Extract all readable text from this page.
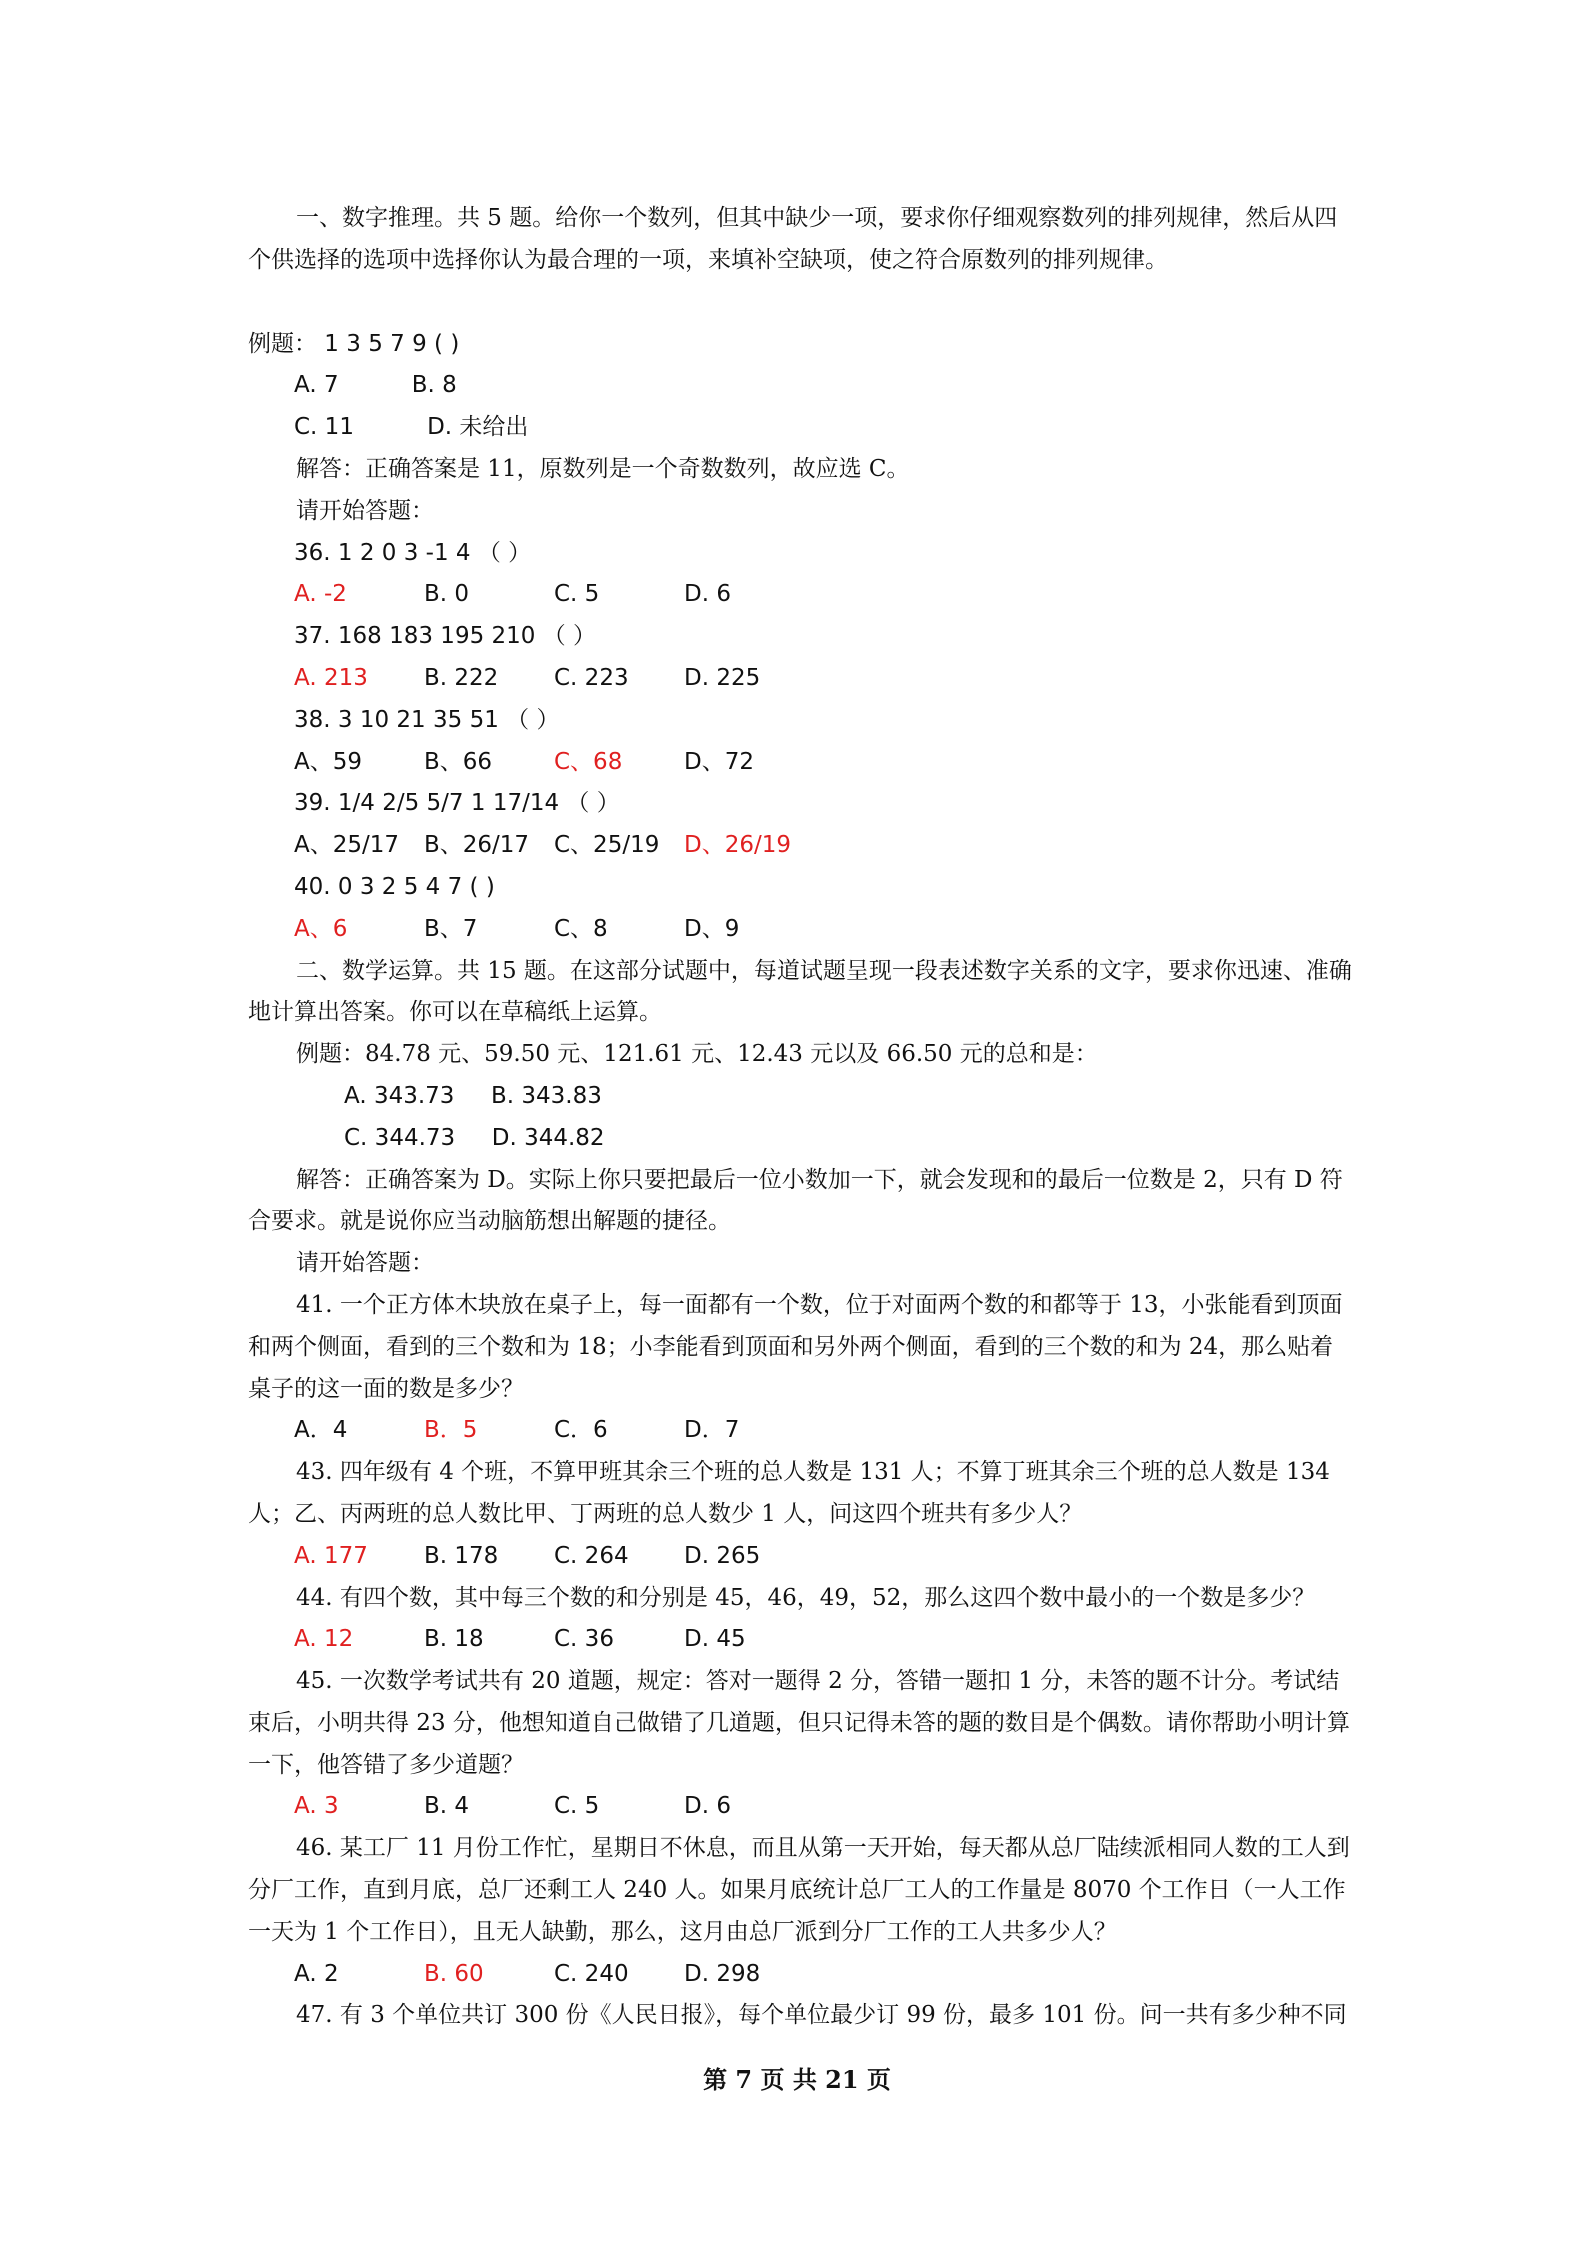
一、数字推理。共 5 题。给你一个数列，但其中缺少一项，要求你仔细观察数列的排列规律，然后从四个供选择的选项中选择你认为最合理的一项，来填补空缺项，使之符合原数列的排列规律。

例题： 1 3 5 7 9 ( )
A. 7	B. 8
C. 11	D. 未给出

解答：正确答案是 11，原数列是一个奇数数列，故应选 C。

请开始答题：

36. 1 2 0 3 -1 4 （ ）
A. -2	B. 0	C. 5	D. 6
37. 168 183 195 210 （ ）
A. 213 B. 222 C. 223 D. 225
38. 3 10 21 35 51 （ ）
A、59	B、66	C、68	D、72
39. 1/4 2/5 5/7 1 17/14 （ ）
A、25/17 B、26/17 C、25/19 D、26/19
40. 0 3 2 5 4 7 ( )
A、6	B、7	C、8	D、9

二、数学运算。共 15 题。在这部分试题中，每道试题呈现一段表述数字关系的文字，要求你迅速、准确地计算出答案。你可以在草稿纸上运算。

例题：84.78 元、59.50 元、121.61 元、12.43 元以及 66.50 元的总和是：

A. 343.73 B. 343.83
C. 344.73 D. 344.82

解答：正确答案为 D。实际上你只要把最后一位小数加一下，就会发现和的最后一位数是 2，只有 D 符合要求。就是说你应当动脑筋想出解题的捷径。

请开始答题：

41. 一个正方体木块放在桌子上，每一面都有一个数，位于对面两个数的和都等于 13，小张能看到顶面和两个侧面，看到的三个数和为 18；小李能看到顶面和另外两个侧面，看到的三个数的和为 24，那么贴着桌子的这一面的数是多少？

A．4	B．5	C．6	D．7

43. 四年级有 4 个班，不算甲班其余三个班的总人数是 131 人；不算丁班其余三个班的总人数是 134 人；乙、丙两班的总人数比甲、丁两班的总人数少 1 人，问这四个班共有多少人？

A. 177 B. 178 C. 264 D. 265

44. 有四个数，其中每三个数的和分别是 45，46，49，52，那么这四个数中最小的一个数是多少？

A. 12	B. 18	C. 36	D. 45

45. 一次数学考试共有 20 道题，规定：答对一题得 2 分，答错一题扣 1 分，未答的题不计分。考试结束后，小明共得 23 分，他想知道自己做错了几道题，但只记得未答的题的数目是个偶数。请你帮助小明计算一下，他答错了多少道题？

A. 3	B. 4	C. 5	D. 6

46. 某工厂 11 月份工作忙，星期日不休息，而且从第一天开始，每天都从总厂陆续派相同人数的工人到分厂工作，直到月底，总厂还剩工人 240 人。如果月底统计总厂工人的工作量是 8070 个工作日（一人工作一天为 1 个工作日），且无人缺勤，那么，这月由总厂派到分厂工作的工人共多少人？

A. 2	B. 60	C. 240 D. 298

47. 有 3 个单位共订 300 份《人民日报》，每个单位最少订 99 份，最多 101 份。问一共有多少种不同

第 7 页 共 21 页
